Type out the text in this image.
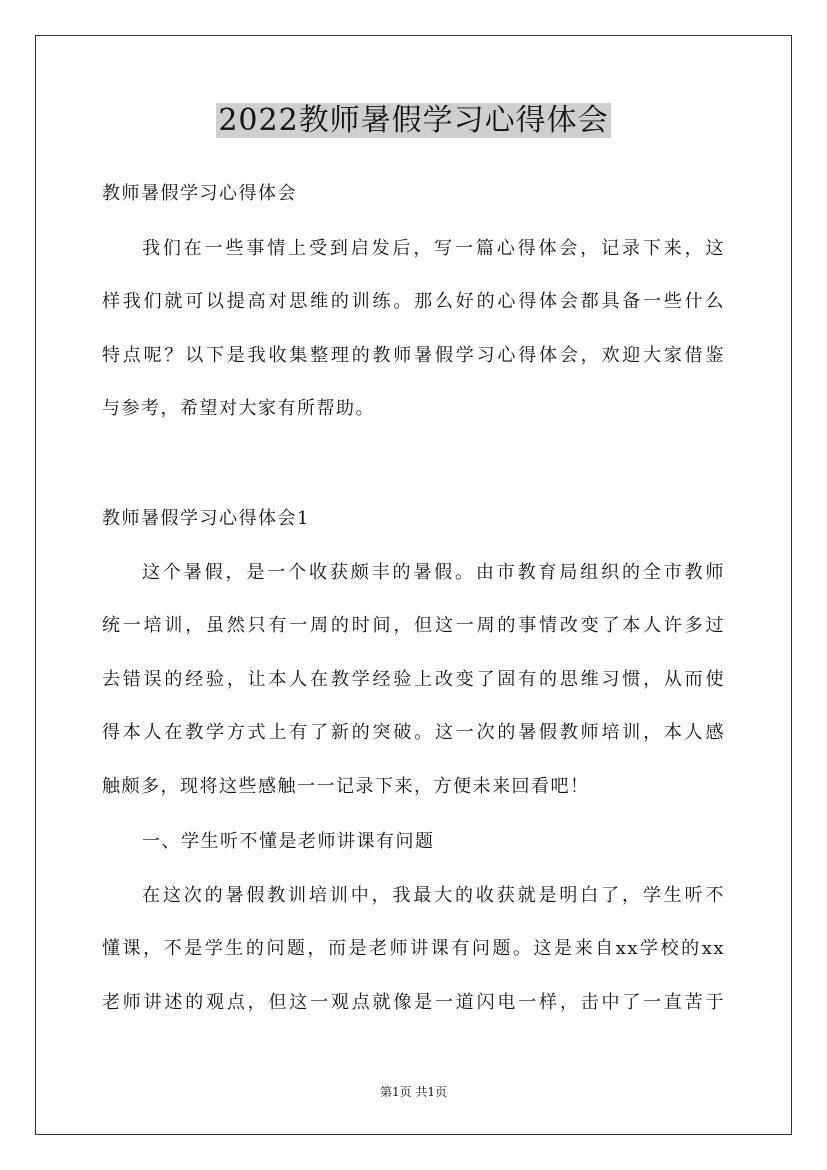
2022教师暑假学习心得体会
教师暑假学习心得体会
我们在一些事情上受到启发后，写一篇心得体会，记录下来，这
样我们就可以提高对思维的训练。那么好的心得体会都具备一些什么
特点呢？以下是我收集整理的教师暑假学习心得体会，欢迎大家借鉴
与参考，希望对大家有所帮助。
教师暑假学习心得体会1
这个暑假，是一个收获颇丰的暑假。由市教育局组织的全市教师
统一培训，虽然只有一周的时间，但这一周的事情改变了本人许多过
去错误的经验，让本人在教学经验上改变了固有的思维习惯，从而使
得本人在教学方式上有了新的突破。这一次的暑假教师培训，本人感
触颇多，现将这些感触一一记录下来，方便未来回看吧！
一、学生听不懂是老师讲课有问题
在这次的暑假教训培训中，我最大的收获就是明白了，学生听不
懂课，不是学生的问题，而是老师讲课有问题。这是来自xx学校的xx
老师讲述的观点，但这一观点就像是一道闪电一样，击中了一直苦于
第1页 共1页
